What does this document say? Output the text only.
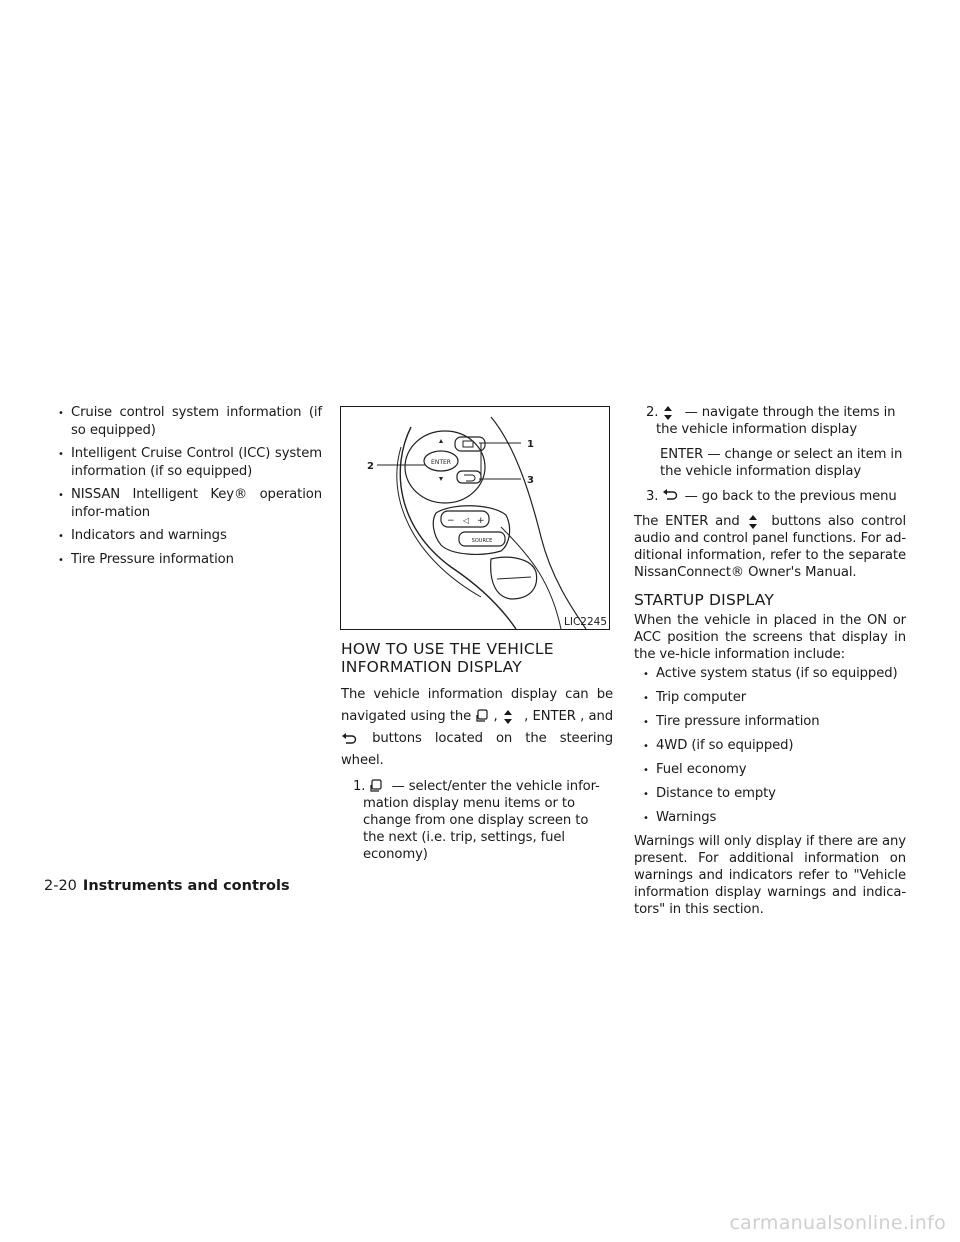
• Cruise control system information (if so equipped)
• Intelligent Cruise Control (ICC) system information (if so equipped)
• NISSAN Intelligent Key® operation infor-mation
• Indicators and warnings
• Tire Pressure information
ENTER
1
2
3
− ◁ +
SOURCE
LIC2245
HOW TO USE THE VEHICLE INFORMATION DISPLAY

The vehicle information display can be navigated using the , , ENTER , and  buttons located on the steering wheel.

1. — select/enter the vehicle infor-mation display menu items or to change from one display screen to the next (i.e. trip, settings, fuel economy)
2. — navigate through the items in the vehicle information display
ENTER — change or select an item in the vehicle information display
3. — go back to the previous menu

The ENTER and buttons also control audio and control panel functions. For ad-ditional information, refer to the separate NissanConnect® Owner's Manual.

STARTUP DISPLAY

When the vehicle in placed in the ON or ACC position the screens that display in the ve-hicle information include:

• Active system status (if so equipped)
• Trip computer
• Tire pressure information
• 4WD (if so equipped)
• Fuel economy
• Distance to empty
• Warnings

Warnings will only display if there are any present. For additional information on warnings and indicators refer to "Vehicle information display warnings and indica-tors" in this section.

2-20 Instruments and controls
carmanualsonline.info
